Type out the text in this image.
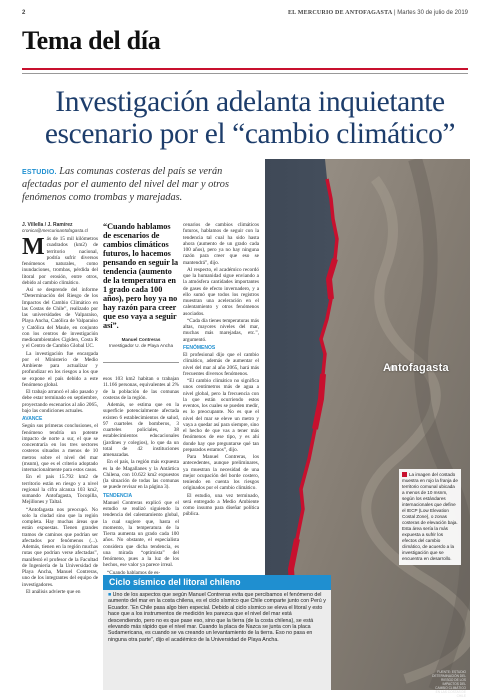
2	EL MERCURIO DE ANTOFAGASTA | Martes 30 de julio de 2019
Tema del día
Investigación adelanta inquietante escenario por el “cambio climático”
ESTUDIO. Las comunas costeras del país se verán afectadas por el aumento del nivel del mar y otros fenómenos como trombas y marejadas.
J. Villella / J. Ramírez
cronica@mercurioantofagasta.cl
M ás de 15 mil kilómetros cuadrados (km2) de territorio nacional, podría sufrir diversos fenómenos naturales, como inundaciones, trombas, pérdida del litoral por erosión, entre otros, debido al cambio climático.

Así se desprende del informe “Determinación del Riesgo de los Impactos del Cambio Climático en las Costas de Chile”, realizado por las universidades de Valparaíso, Playa Ancha, Católica de Valparaíso y Católica del Maule, en conjunto con los centros de investigación medioambientales Cigiden, Costa R y el Centro de Cambio Global UC.

La investigación fue encargada por el Ministerio de Medio Ambiente para actualizar y profundizar en los riesgos a los que se expone el país debido a este fenómeno global.

El trabajo arrancó el año pasado y debe estar terminado en septiembre, proyectando escenarios al año 2065, bajo las condiciones actuales.

AVANCE

Según sus primeras conclusiones, el fenómeno tendría un potente impacto de norte a sur, el que se concentraría en los tres sectores costeros situados a menos de 10 metros sobre el nivel del mar (msnm), que es el criterio adoptado internacionalmente para estos casos.

En el país 15.792 km2 de territorio están en riesgo y a nivel regional la cifra alcanza 103 km2, sumando Antofagasta, Tocopilla, Mejillones y Taltal.

“Antofagasta nos preocupó. No solo la ciudad sino que la región completa. Hay muchas áreas que están expuestas. Tienen grandes tramos de caminos que podrían ser afectados por fenómenos (...). Además, tienen en la región muchas rutas que podrían verse afectadas”, manifestó el profesor de la Facultad de Ingeniería de la Universidad de Playa Ancha, Manuel Contreras, uno de los integrantes del equipo de investigadores.

El análisis advierte que en

“Cuando hablamos de escenarios de cambios climáticos futuros, lo hacemos pensando en seguir la tendencia (aumento de la temperatura en 1 grado cada 100 años), pero hoy ya no hay razón para creer que eso vaya a seguir así”.
Manuel Contreras
Investigador U. de Playa Ancha

esos 103 km2 habitan o trabajan 11.166 personas, equivalentes al 2% de la población de las comunas costeras de la región.

Además, se estima que en la superficie potencialmente afectada existen 6 establecimientos de salud, 97 cuarteles de bomberos, 3 cuarteles policiales, 38 establecimientos educacionales (jardines y colegios), lo que da un total de 42 instituciones amenazadas.

En el país, la región más expuesta es la de Magallanes y la Antártica Chilena, con 10.622 km2 expuestos (la situación de todas las comunas se puede revisar en la página 3).

TENDENCIA

Manuel Contreras explicó que el estudio se realizó siguiendo la tendencia del calentamiento global, la cual sugiere que, hasta el momento, la temperatura de la Tierra aumenta un grado cada 100 años. No obstante, el especialista considera que dicha tendencia, es una mirada “optimista” del fenómeno, pues a la luz de los hechos, ese valor ya parece irreal.

“Cuando hablamos de es-

cenarios de cambios climáticos futuros, hablamos de seguir con la tendencia tal cual ha sido hasta ahora (aumento de un grado cada 100 años), pero ya no hay ninguna razón para creer que eso se mantendrá”, dijo.

Al respecto, el académico recordó que la humanidad sigue enviando a la atmósfera cantidades importantes de gases de efecto invernadero, y a ello sumó que todos los registros muestran una aceleración en el calentamiento y otros fenómenos asociados.

“Cada día tienes temperaturas más altas, mayores niveles del mar, muchas más marejadas, etc.”, argumentó.

FENÓMENOS

El profesional dijo que el cambio climático, además de aumentar el nivel del mar al año 2065, hará más frecuentes diversos fenómenos.

“El cambio climático no significa unos centímetros más de agua a nivel global, pero la frecuencia con la que están ocurriendo estos eventos, los cuales se pueden medir, es lo preocupante. No es que el nivel del mar se eleve un metro y vaya a quedar así para siempre, sino el hecho de que vas a tener más fenómenos de ese tipo, y es ahí donde hay que preguntarse qué tan preparados estamos”, dijo.

Para Manuel Contreras, los antecedentes, aunque preliminares, ya muestran la necesidad de una mejor ocupación del borde costero, teniendo en cuenta los riesgos originados por el cambio climático.

El estudio, una vez terminado, será entregado a Medio Ambiente como insumo para diseñar política pública.

Antofagasta
La imagen del costado muestra en rojo la franja de territorio comunal ubicada a menos de 10 msnm, según los estándares internacionales que define el IECP (Low Elevation Costal Zone), o zonas costeras de elevación baja. Esta área sería la más expuesta a sufrir los efectos del cambio climático, de acuerdo a la investigación que se encuentra en desarrollo.
FUENTE: ESTUDIO DETERMINACIÓN DEL RIESGO DE LOS IMPACTOS DEL CAMBIO CLIMÁTICO EN LAS COSTAS DE CHILE
Ciclo sísmico del litoral chileno
■ Uno de los aspectos que según Manuel Contreras evita que percibamos el fenómeno del aumento del mar en la costa chilena, es el ciclo sísmico que Chile comparte junto con Perú y Ecuador. “En Chile pasa algo bien especial. Debido al ciclo sísmico se eleva el litoral y esto hace que a los instrumentos de medición les parezca que el nivel del mar está descendiendo, pero no es que pase eso, sino que la tierra (de la costa chilena), se está elevando más rápido que el nivel mar. Cuando la placa de Nazca se junta con la placa Sudamericana, es cuando se va creando un levantamiento de la tierra. Eso no pasa en ninguna otra parte”, dijo el académico de la Universidad de Playa Ancha.
